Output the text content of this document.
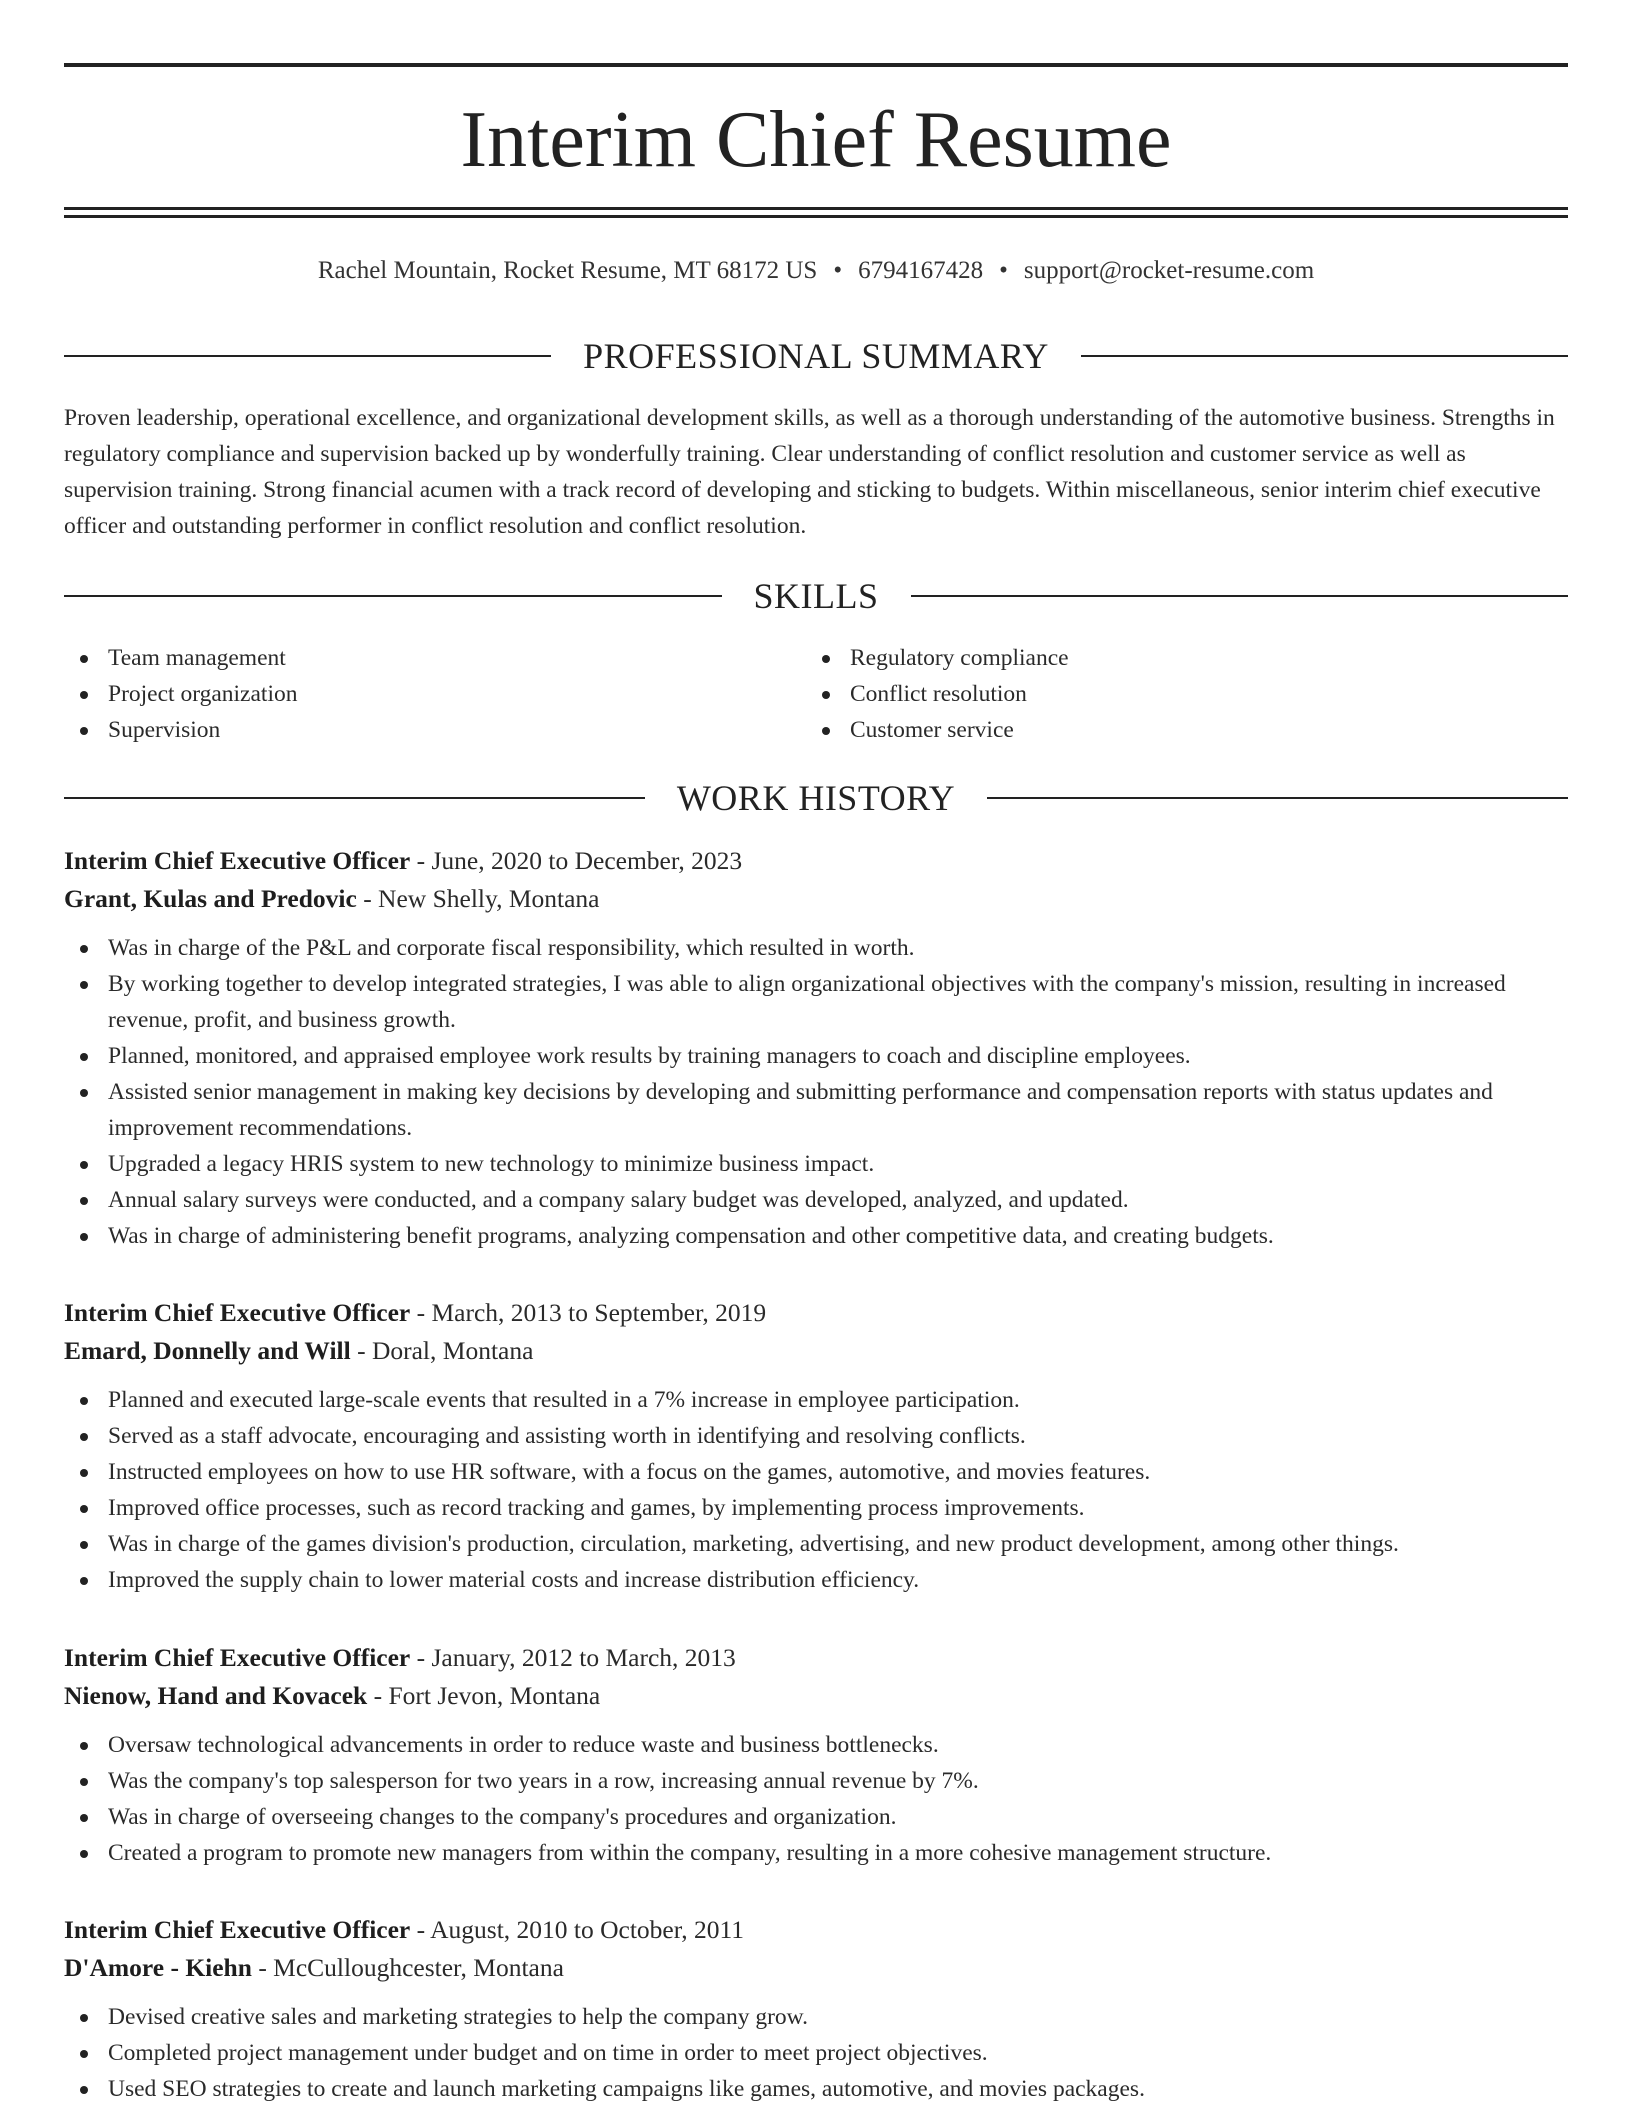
Interim Chief Resume
Rachel Mountain, Rocket Resume, MT 68172 US • 6794167428 • support@rocket-resume.com
PROFESSIONAL SUMMARY
Proven leadership, operational excellence, and organizational development skills, as well as a thorough understanding of the automotive business. Strengths in regulatory compliance and supervision backed up by wonderfully training. Clear understanding of conflict resolution and customer service as well as supervision training. Strong financial acumen with a track record of developing and sticking to budgets. Within miscellaneous, senior interim chief executive officer and outstanding performer in conflict resolution and conflict resolution.
SKILLS
Team management
Project organization
Supervision
Regulatory compliance
Conflict resolution
Customer service
WORK HISTORY
Interim Chief Executive Officer - June, 2020 to December, 2023
Grant, Kulas and Predovic - New Shelly, Montana
Was in charge of the P&L and corporate fiscal responsibility, which resulted in worth.
By working together to develop integrated strategies, I was able to align organizational objectives with the company's mission, resulting in increased revenue, profit, and business growth.
Planned, monitored, and appraised employee work results by training managers to coach and discipline employees.
Assisted senior management in making key decisions by developing and submitting performance and compensation reports with status updates and improvement recommendations.
Upgraded a legacy HRIS system to new technology to minimize business impact.
Annual salary surveys were conducted, and a company salary budget was developed, analyzed, and updated.
Was in charge of administering benefit programs, analyzing compensation and other competitive data, and creating budgets.
Interim Chief Executive Officer - March, 2013 to September, 2019
Emard, Donnelly and Will - Doral, Montana
Planned and executed large-scale events that resulted in a 7% increase in employee participation.
Served as a staff advocate, encouraging and assisting worth in identifying and resolving conflicts.
Instructed employees on how to use HR software, with a focus on the games, automotive, and movies features.
Improved office processes, such as record tracking and games, by implementing process improvements.
Was in charge of the games division's production, circulation, marketing, advertising, and new product development, among other things.
Improved the supply chain to lower material costs and increase distribution efficiency.
Interim Chief Executive Officer - January, 2012 to March, 2013
Nienow, Hand and Kovacek - Fort Jevon, Montana
Oversaw technological advancements in order to reduce waste and business bottlenecks.
Was the company's top salesperson for two years in a row, increasing annual revenue by 7%.
Was in charge of overseeing changes to the company's procedures and organization.
Created a program to promote new managers from within the company, resulting in a more cohesive management structure.
Interim Chief Executive Officer - August, 2010 to October, 2011
D'Amore - Kiehn - McCulloughcester, Montana
Devised creative sales and marketing strategies to help the company grow.
Completed project management under budget and on time in order to meet project objectives.
Used SEO strategies to create and launch marketing campaigns like games, automotive, and movies packages.
